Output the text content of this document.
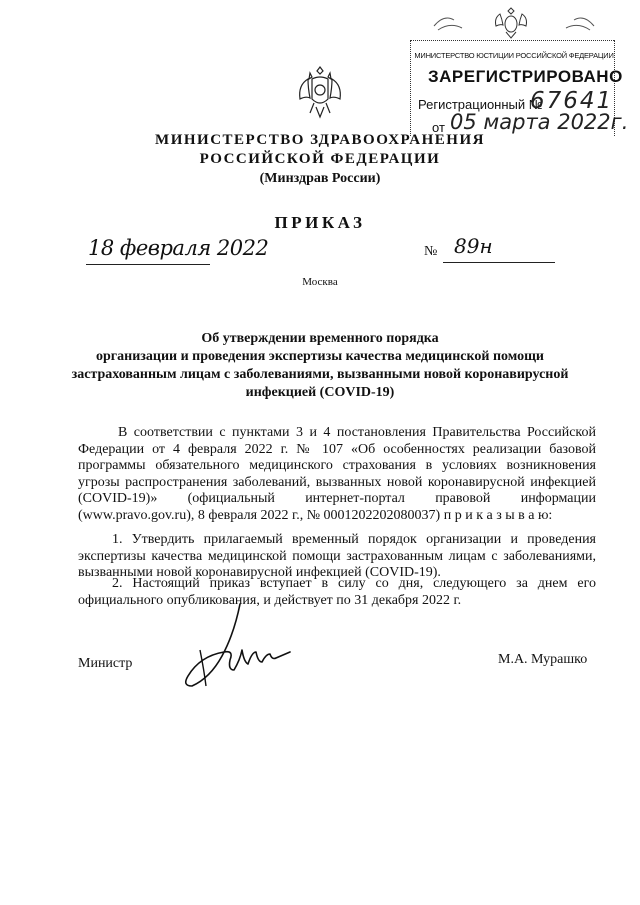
МИНИСТЕРСТВО ЮСТИЦИИ РОССИЙСКОЙ ФЕДЕРАЦИИ
ЗАРЕГИСТРИРОВАНО
Регистрационный №
67641
от 05 марта 2022г.
МИНИСТЕРСТВО ЗДРАВООХРАНЕНИЯ
РОССИЙСКОЙ ФЕДЕРАЦИИ
(Минздрав России)
ПРИКАЗ
18 февраля 2022	№ 89н
Москва
Об утверждении временного порядка
организации и проведения экспертизы качества медицинской помощи
застрахованным лицам с заболеваниями, вызванными новой коронавирусной
инфекцией (COVID-19)
В соответствии с пунктами 3 и 4 постановления Правительства Российской Федерации от 4 февраля 2022 г. № 107 «Об особенностях реализации базовой программы обязательного медицинского страхования в условиях возникновения угрозы распространения заболеваний, вызванных новой коронавирусной инфекцией (COVID-19)» (официальный интернет-портал правовой информации (www.pravo.gov.ru), 8 февраля 2022 г., № 0001202202080037) п р и к а з ы в а ю:
1. Утвердить прилагаемый временный порядок организации и проведения экспертизы качества медицинской помощи застрахованным лицам с заболеваниями, вызванными новой коронавирусной инфекцией (COVID-19).
2. Настоящий приказ вступает в силу со дня, следующего за днем его официального опубликования, и действует по 31 декабря 2022 г.
Министр	М.А. Мурашко
